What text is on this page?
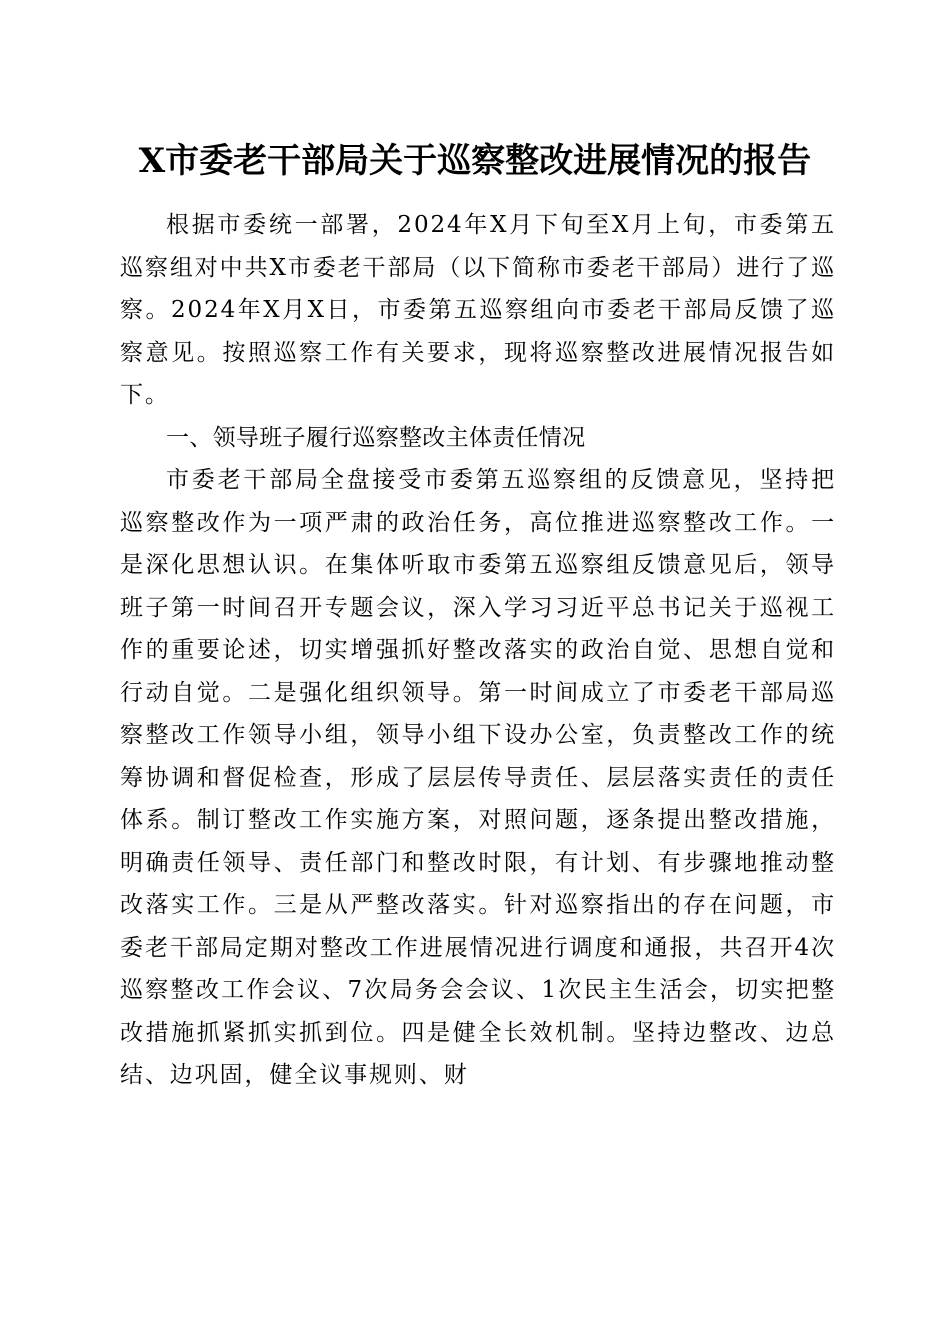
X市委老干部局关于巡察整改进展情况的报告

根据市委统一部署，2024年X月下旬至X月上旬，市委第五巡察组对中共X市委老干部局（以下简称市委老干部局）进行了巡察。2024年X月X日，市委第五巡察组向市委老干部局反馈了巡察意见。按照巡察工作有关要求，现将巡察整改进展情况报告如下。

一、领导班子履行巡察整改主体责任情况

市委老干部局全盘接受市委第五巡察组的反馈意见，坚持把巡察整改作为一项严肃的政治任务，高位推进巡察整改工作。一是深化思想认识。在集体听取市委第五巡察组反馈意见后，领导班子第一时间召开专题会议，深入学习习近平总书记关于巡视工作的重要论述，切实增强抓好整改落实的政治自觉、思想自觉和行动自觉。二是强化组织领导。第一时间成立了市委老干部局巡察整改工作领导小组，领导小组下设办公室，负责整改工作的统筹协调和督促检查，形成了层层传导责任、层层落实责任的责任体系。制订整改工作实施方案，对照问题，逐条提出整改措施，明确责任领导、责任部门和整改时限，有计划、有步骤地推动整改落实工作。三是从严整改落实。针对巡察指出的存在问题，市委老干部局定期对整改工作进展情况进行调度和通报，共召开4次巡察整改工作会议、7次局务会会议、1次民主生活会，切实把整改措施抓紧抓实抓到位。四是健全长效机制。坚持边整改、边总结、边巩固，健全议事规则、财
